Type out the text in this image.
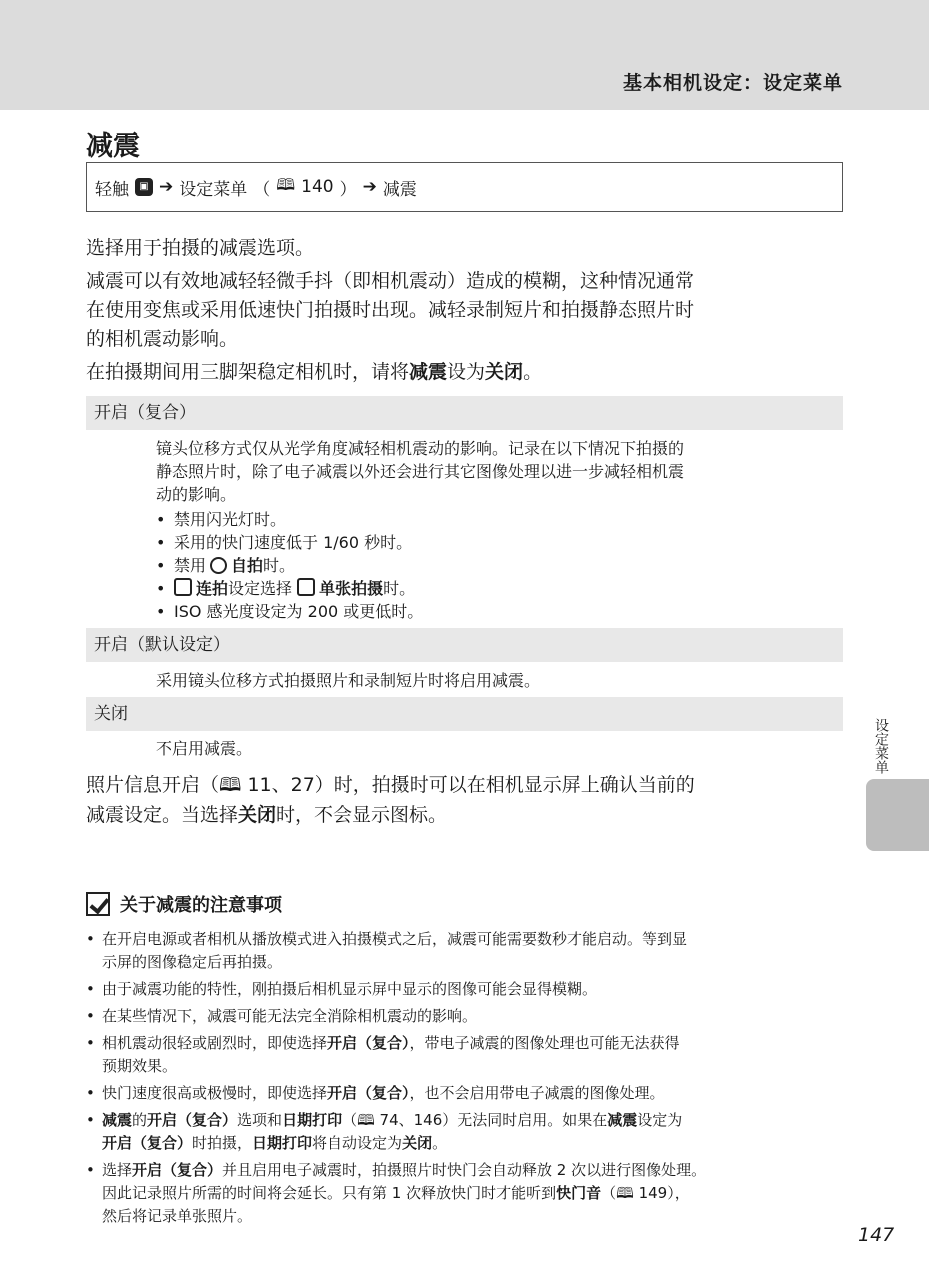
基本相机设定：设定菜单
减震
轻触	▣ ➔ 设定菜单 （ 🕮 140 ） ➔ 减震
选择用于拍摄的减震选项。
减震可以有效地减轻轻微手抖（即相机震动）造成的模糊，这种情况通常
在使用变焦或采用低速快门拍摄时出现。减轻录制短片和拍摄静态照片时
的相机震动影响。
在拍摄期间用三脚架稳定相机时，请将减震设为关闭。
开启（复合）
镜头位移方式仅从光学角度减轻相机震动的影响。记录在以下情况下拍摄的
静态照片时，除了电子减震以外还会进行其它图像处理以进一步减轻相机震
动的影响。
• 禁用闪光灯时。
• 采用的快门速度低于 1/60 秒时。
• 禁用 自拍时。
• 连拍设定选择 单张拍摄时。
• ISO 感光度设定为 200 或更低时。
开启（默认设定）
采用镜头位移方式拍摄照片和录制短片时将启用减震。
关闭
不启用减震。
照片信息开启（🕮 11、27）时，拍摄时可以在相机显示屏上确认当前的
减震设定。当选择关闭时，不会显示图标。
关于减震的注意事项
• 在开启电源或者相机从播放模式进入拍摄模式之后，减震可能需要数秒才能启动。等到显
示屏的图像稳定后再拍摄。
• 由于减震功能的特性，刚拍摄后相机显示屏中显示的图像可能会显得模糊。
• 在某些情况下，减震可能无法完全消除相机震动的影响。
• 相机震动很轻或剧烈时，即使选择开启（复合），带电子减震的图像处理也可能无法获得
预期效果。
• 快门速度很高或极慢时，即使选择开启（复合），也不会启用带电子减震的图像处理。
• 减震的开启（复合）选项和日期打印（🕮 74、146）无法同时启用。如果在减震设定为
开启（复合）时拍摄，日期打印将自动设定为关闭。
• 选择开启（复合）并且启用电子减震时，拍摄照片时快门会自动释放 2 次以进行图像处理。
因此记录照片所需的时间将会延长。只有第 1 次释放快门时才能听到快门音（🕮 149），
然后将记录单张照片。
设定菜单
147
